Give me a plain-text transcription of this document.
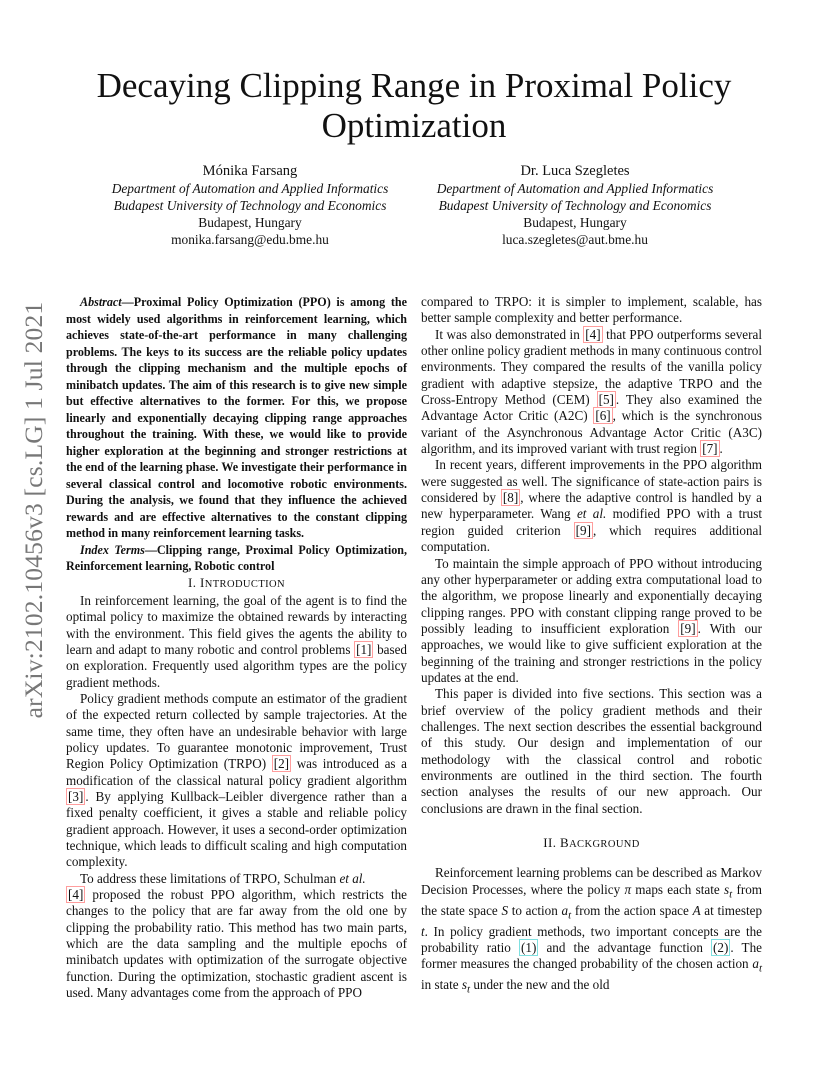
Decaying Clipping Range in Proximal Policy Optimization
Mónika Farsang
Department of Automation and Applied Informatics
Budapest University of Technology and Economics
Budapest, Hungary
monika.farsang@edu.bme.hu
Dr. Luca Szegletes
Department of Automation and Applied Informatics
Budapest University of Technology and Economics
Budapest, Hungary
luca.szegletes@aut.bme.hu
arXiv:2102.10456v3 [cs.LG] 1 Jul 2021	Abstract—Proximal Policy Optimization (PPO) is among the most widely used algorithms in reinforcement learning, which achieves state-of-the-art performance in many challenging problems. The keys to its success are the reliable policy updates through the clipping mechanism and the multiple epochs of minibatch updates. The aim of this research is to give new simple but effective alternatives to the former. For this, we propose linearly and exponentially decaying clipping range approaches throughout the training. With these, we would like to provide higher exploration at the beginning and stronger restrictions at the end of the learning phase. We investigate their performance in several classical control and locomotive robotic environments. During the analysis, we found that they influence the achieved rewards and are effective alternatives to the constant clipping method in many reinforcement learning tasks.

Index Terms—Clipping range, Proximal Policy Optimization, Reinforcement learning, Robotic control

I. INTRODUCTION

In reinforcement learning, the goal of the agent is to find the optimal policy to maximize the obtained rewards by interacting with the environment. This field gives the agents the ability to learn and adapt to many robotic and control problems [1] based on exploration. Frequently used algorithm types are the policy gradient methods.

Policy gradient methods compute an estimator of the gradient of the expected return collected by sample trajectories. At the same time, they often have an undesirable behavior with large policy updates. To guarantee monotonic improvement, Trust Region Policy Optimization (TRPO) [2] was introduced as a modification of the classical natural policy gradient algorithm [3] . By applying Kullback–Leibler divergence rather than a fixed penalty coefficient, it gives a stable and reliable policy gradient approach. However, it uses a second-order optimization technique, which leads to difficult scaling and high computation complexity.

To address these limitations of TRPO, Schulman et al.
[4] proposed the robust PPO algorithm, which restricts the changes to the policy that are far away from the old one by clipping the probability ratio. This method has two main parts, which are the data sampling and the multiple epochs of minibatch updates with optimization of the surrogate objective function. During the optimization, stochastic gradient ascent is used. Many advantages come from the approach of PPO

compared to TRPO: it is simpler to implement, scalable, has better sample complexity and better performance.

It was also demonstrated in [4] that PPO outperforms several other online policy gradient methods in many continuous control environments. They compared the results of the vanilla policy gradient with adaptive stepsize, the adaptive TRPO and the Cross-Entropy Method (CEM) [5] . They also examined the Advantage Actor Critic (A2C) [6] , which is the synchronous variant of the Asynchronous Advantage Actor Critic (A3C) algorithm, and its improved variant with trust region [7] .

In recent years, different improvements in the PPO algorithm were suggested as well. The significance of state-action pairs is considered by [8] , where the adaptive control is handled by a new hyperparameter. Wang et al. modified PPO with a trust region guided criterion [9] , which requires additional computation.

To maintain the simple approach of PPO without introducing any other hyperparameter or adding extra computational load to the algorithm, we propose linearly and exponentially decaying clipping ranges. PPO with constant clipping range proved to be possibly leading to insufficient exploration [9] . With our approaches, we would like to give sufficient exploration at the beginning of the training and stronger restrictions in the policy updates at the end.

This paper is divided into five sections. This section was a brief overview of the policy gradient methods and their challenges. The next section describes the essential background of this study. Our design and implementation of our methodology with the classical control and robotic environments are outlined in the third section. The fourth section analyses the results of our new approach. Our conclusions are drawn in the final section.

II. BACKGROUND

Reinforcement learning problems can be described as Markov Decision Processes, where the policy π maps each state $s_t$ from the state space S to action $a_t$ from the action space A at timestep t. In policy gradient methods, two important concepts are the probability ratio (1) and the advantage function (2) . The former measures the changed probability of the chosen action $a_t$ in state $s_t$ under the new and the old
